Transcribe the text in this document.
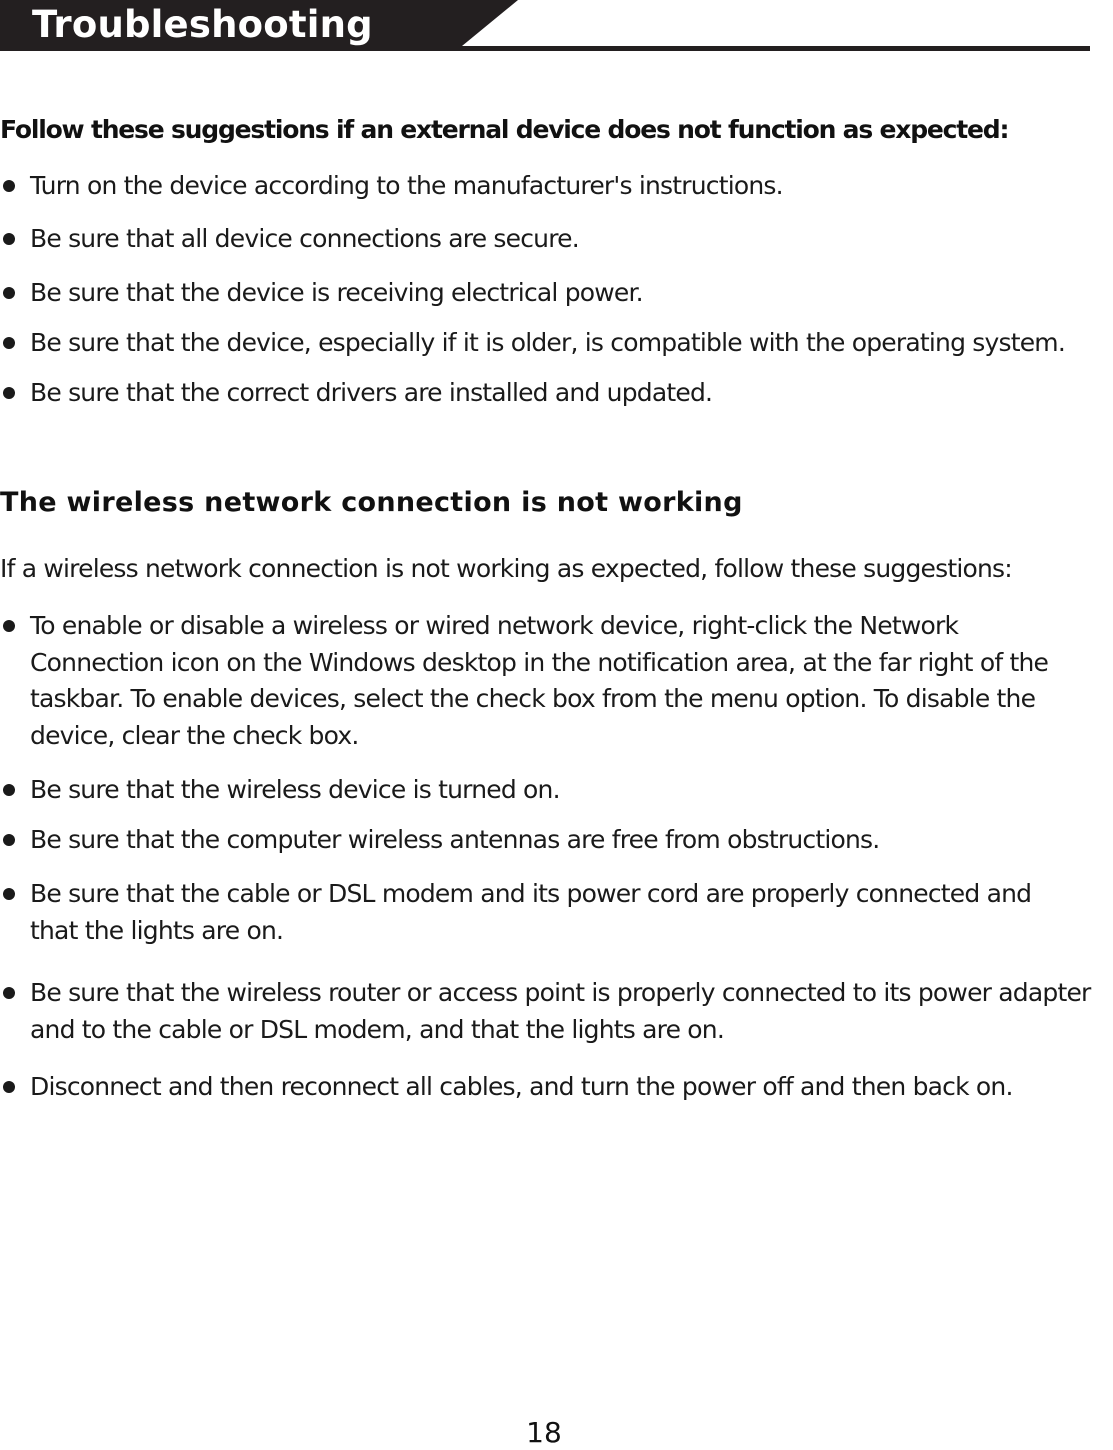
Troubleshooting
Follow these suggestions if an external device does not function as expected:
Turn on the device according to the manufacturer's instructions.
Be sure that all device connections are secure.
Be sure that the device is receiving electrical power.
Be sure that the device, especially if it is older, is compatible with the operating system.
Be sure that the correct drivers are installed and updated.
The wireless network connection is not working

If a wireless network connection is not working as expected, follow these suggestions:

To enable or disable a wireless or wired network device, right-click the Network
Connection icon on the Windows desktop in the notification area, at the far right of the
taskbar. To enable devices, select the check box from the menu option. To disable the
device, clear the check box.
Be sure that the wireless device is turned on.
Be sure that the computer wireless antennas are free from obstructions.
Be sure that the cable or DSL modem and its power cord are properly connected and
that the lights are on.
Be sure that the wireless router or access point is properly connected to its power adapter
and to the cable or DSL modem, and that the lights are on.
Disconnect and then reconnect all cables, and turn the power off and then back on.
18
